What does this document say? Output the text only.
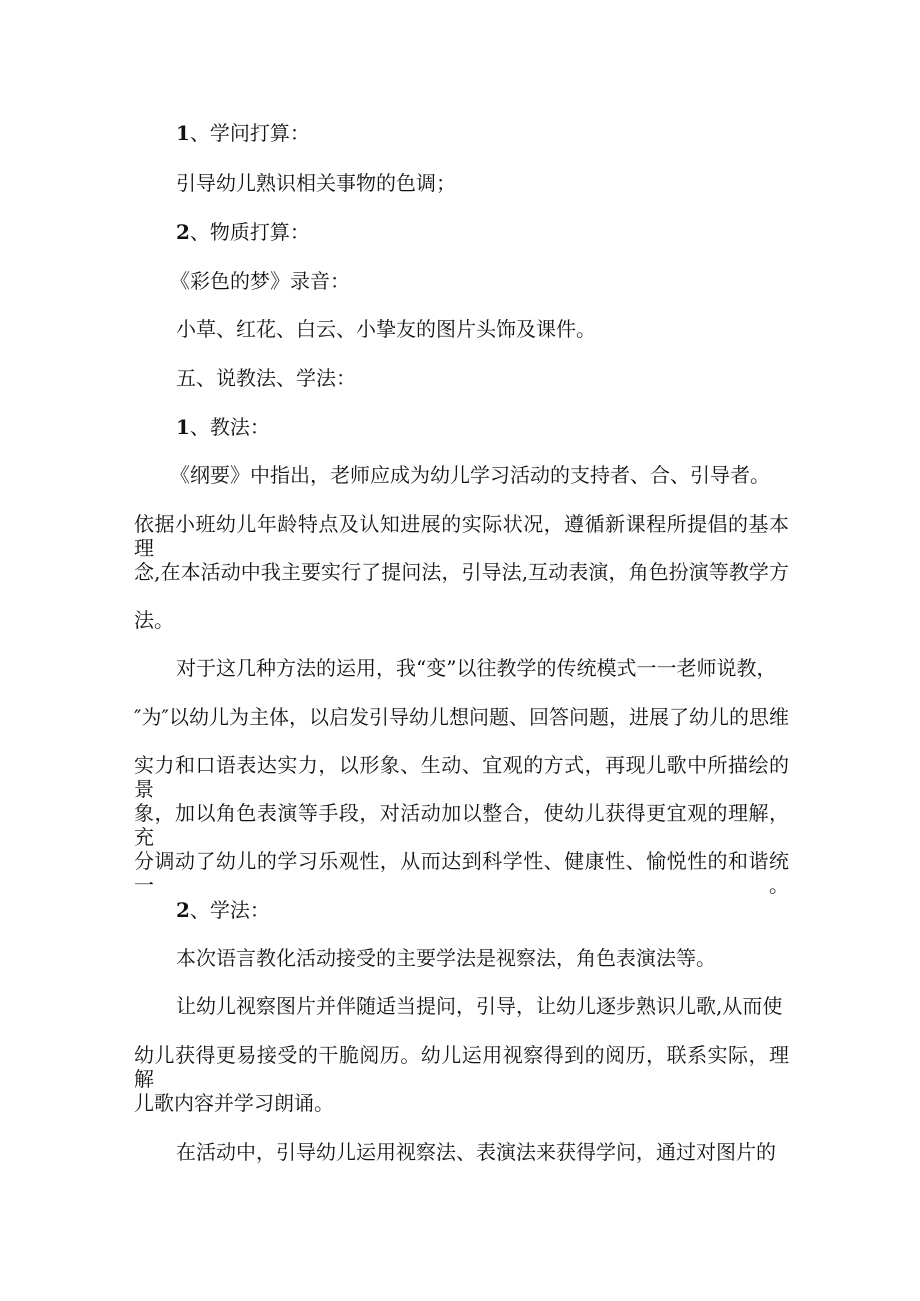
1、学问打算：

引导幼儿熟识相关事物的色调；

2、物质打算：

《彩色的梦》录音：

小草、红花、白云、小挚友的图片头饰及课件。

五、说教法、学法：

1、教法：

《纲要》中指出，老师应成为幼儿学习活动的支持者、合、引导者。

依据小班幼儿年龄特点及认知进展的实际状况，遵循新课程所提倡的基本理

念,在本活动中我主要实行了提问法，引导法,互动表演，角色扮演等教学方

法。

对于这几种方法的运用，我“变”以往教学的传统模式一一老师说教，

″为″以幼儿为主体，以启发引导幼儿想问题、回答问题，进展了幼儿的思维

实力和口语表达实力，以形象、生动、宜观的方式，再现儿歌中所描绘的景

象，加以角色表演等手段，对活动加以整合，使幼儿获得更宜观的理解，充

分调动了幼儿的学习乐观性，从而达到科学性、健康性、愉悦性的和谐统一。

2、学法：

本次语言教化活动接受的主要学法是视察法，角色表演法等。

让幼儿视察图片并伴随适当提问，引导，让幼儿逐步熟识儿歌,从而使

幼儿获得更易接受的干脆阅历。幼儿运用视察得到的阅历，联系实际，理解

儿歌内容并学习朗诵。

在活动中，引导幼儿运用视察法、表演法来获得学问，通过对图片的
